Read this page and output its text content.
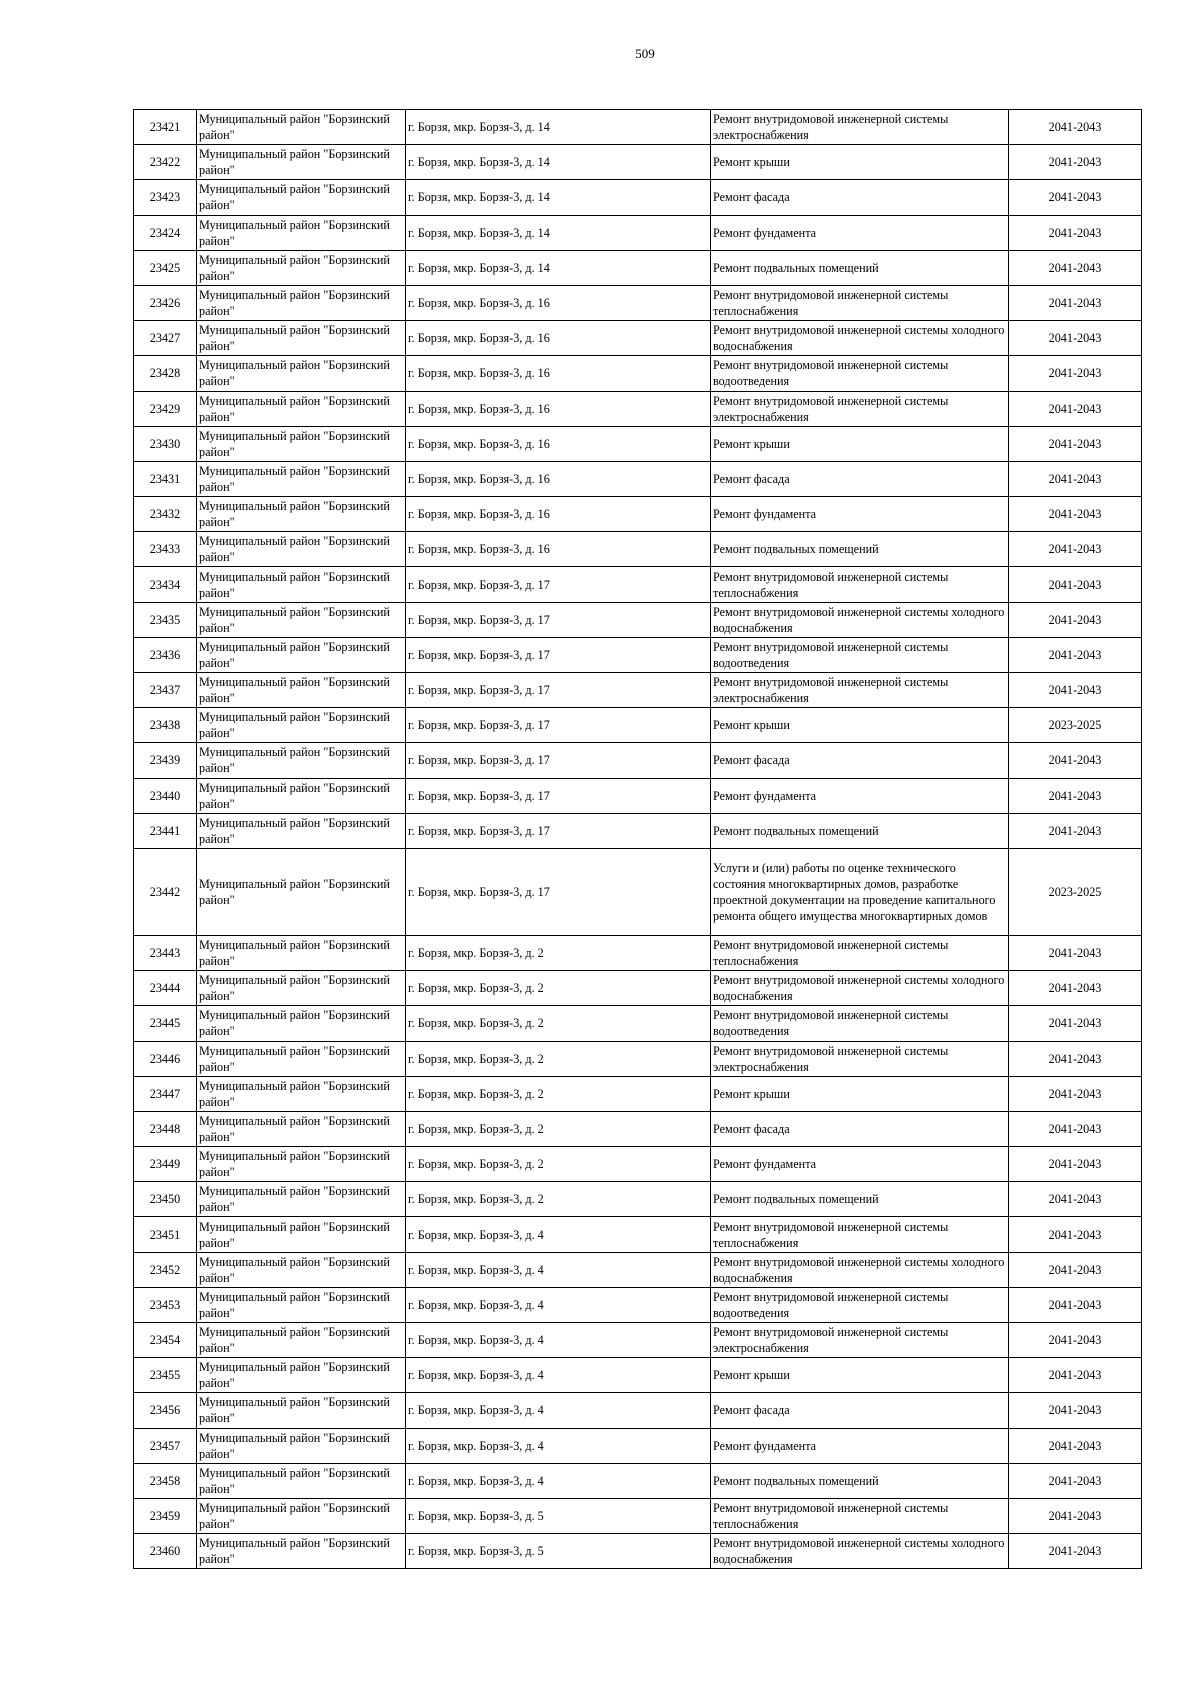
509
23421	Муниципальный район "Борзинский район"	г. Борзя, мкр. Борзя-3, д. 14	Ремонт внутридомовой инженерной системы электроснабжения	2041-2043
23422	Муниципальный район "Борзинский район"	г. Борзя, мкр. Борзя-3, д. 14	Ремонт крыши	2041-2043
23423	Муниципальный район "Борзинский район"	г. Борзя, мкр. Борзя-3, д. 14	Ремонт фасада	2041-2043
23424	Муниципальный район "Борзинский район"	г. Борзя, мкр. Борзя-3, д. 14	Ремонт фундамента	2041-2043
23425	Муниципальный район "Борзинский район"	г. Борзя, мкр. Борзя-3, д. 14	Ремонт подвальных помещений	2041-2043
23426	Муниципальный район "Борзинский район"	г. Борзя, мкр. Борзя-3, д. 16	Ремонт внутридомовой инженерной системы теплоснабжения	2041-2043
23427	Муниципальный район "Борзинский район"	г. Борзя, мкр. Борзя-3, д. 16	Ремонт внутридомовой инженерной системы холодного водоснабжения	2041-2043
23428	Муниципальный район "Борзинский район"	г. Борзя, мкр. Борзя-3, д. 16	Ремонт внутридомовой инженерной системы водоотведения	2041-2043
23429	Муниципальный район "Борзинский район"	г. Борзя, мкр. Борзя-3, д. 16	Ремонт внутридомовой инженерной системы электроснабжения	2041-2043
23430	Муниципальный район "Борзинский район"	г. Борзя, мкр. Борзя-3, д. 16	Ремонт крыши	2041-2043
23431	Муниципальный район "Борзинский район"	г. Борзя, мкр. Борзя-3, д. 16	Ремонт фасада	2041-2043
23432	Муниципальный район "Борзинский район"	г. Борзя, мкр. Борзя-3, д. 16	Ремонт фундамента	2041-2043
23433	Муниципальный район "Борзинский район"	г. Борзя, мкр. Борзя-3, д. 16	Ремонт подвальных помещений	2041-2043
23434	Муниципальный район "Борзинский район"	г. Борзя, мкр. Борзя-3, д. 17	Ремонт внутридомовой инженерной системы теплоснабжения	2041-2043
23435	Муниципальный район "Борзинский район"	г. Борзя, мкр. Борзя-3, д. 17	Ремонт внутридомовой инженерной системы холодного водоснабжения	2041-2043
23436	Муниципальный район "Борзинский район"	г. Борзя, мкр. Борзя-3, д. 17	Ремонт внутридомовой инженерной системы водоотведения	2041-2043
23437	Муниципальный район "Борзинский район"	г. Борзя, мкр. Борзя-3, д. 17	Ремонт внутридомовой инженерной системы электроснабжения	2041-2043
23438	Муниципальный район "Борзинский район"	г. Борзя, мкр. Борзя-3, д. 17	Ремонт крыши	2023-2025
23439	Муниципальный район "Борзинский район"	г. Борзя, мкр. Борзя-3, д. 17	Ремонт фасада	2041-2043
23440	Муниципальный район "Борзинский район"	г. Борзя, мкр. Борзя-3, д. 17	Ремонт фундамента	2041-2043
23441	Муниципальный район "Борзинский район"	г. Борзя, мкр. Борзя-3, д. 17	Ремонт подвальных помещений	2041-2043
23442	Муниципальный район "Борзинский район"	г. Борзя, мкр. Борзя-3, д. 17	Услуги и (или) работы по оценке технического состояния многоквартирных домов, разработке проектной документации на проведение капитального ремонта общего имущества многоквартирных домов	2023-2025
23443	Муниципальный район "Борзинский район"	г. Борзя, мкр. Борзя-3, д. 2	Ремонт внутридомовой инженерной системы теплоснабжения	2041-2043
23444	Муниципальный район "Борзинский район"	г. Борзя, мкр. Борзя-3, д. 2	Ремонт внутридомовой инженерной системы холодного водоснабжения	2041-2043
23445	Муниципальный район "Борзинский район"	г. Борзя, мкр. Борзя-3, д. 2	Ремонт внутридомовой инженерной системы водоотведения	2041-2043
23446	Муниципальный район "Борзинский район"	г. Борзя, мкр. Борзя-3, д. 2	Ремонт внутридомовой инженерной системы электроснабжения	2041-2043
23447	Муниципальный район "Борзинский район"	г. Борзя, мкр. Борзя-3, д. 2	Ремонт крыши	2041-2043
23448	Муниципальный район "Борзинский район"	г. Борзя, мкр. Борзя-3, д. 2	Ремонт фасада	2041-2043
23449	Муниципальный район "Борзинский район"	г. Борзя, мкр. Борзя-3, д. 2	Ремонт фундамента	2041-2043
23450	Муниципальный район "Борзинский район"	г. Борзя, мкр. Борзя-3, д. 2	Ремонт подвальных помещений	2041-2043
23451	Муниципальный район "Борзинский район"	г. Борзя, мкр. Борзя-3, д. 4	Ремонт внутридомовой инженерной системы теплоснабжения	2041-2043
23452	Муниципальный район "Борзинский район"	г. Борзя, мкр. Борзя-3, д. 4	Ремонт внутридомовой инженерной системы холодного водоснабжения	2041-2043
23453	Муниципальный район "Борзинский район"	г. Борзя, мкр. Борзя-3, д. 4	Ремонт внутридомовой инженерной системы водоотведения	2041-2043
23454	Муниципальный район "Борзинский район"	г. Борзя, мкр. Борзя-3, д. 4	Ремонт внутридомовой инженерной системы электроснабжения	2041-2043
23455	Муниципальный район "Борзинский район"	г. Борзя, мкр. Борзя-3, д. 4	Ремонт крыши	2041-2043
23456	Муниципальный район "Борзинский район"	г. Борзя, мкр. Борзя-3, д. 4	Ремонт фасада	2041-2043
23457	Муниципальный район "Борзинский район"	г. Борзя, мкр. Борзя-3, д. 4	Ремонт фундамента	2041-2043
23458	Муниципальный район "Борзинский район"	г. Борзя, мкр. Борзя-3, д. 4	Ремонт подвальных помещений	2041-2043
23459	Муниципальный район "Борзинский район"	г. Борзя, мкр. Борзя-3, д. 5	Ремонт внутридомовой инженерной системы теплоснабжения	2041-2043
23460	Муниципальный район "Борзинский район"	г. Борзя, мкр. Борзя-3, д. 5	Ремонт внутридомовой инженерной системы холодного водоснабжения	2041-2043
